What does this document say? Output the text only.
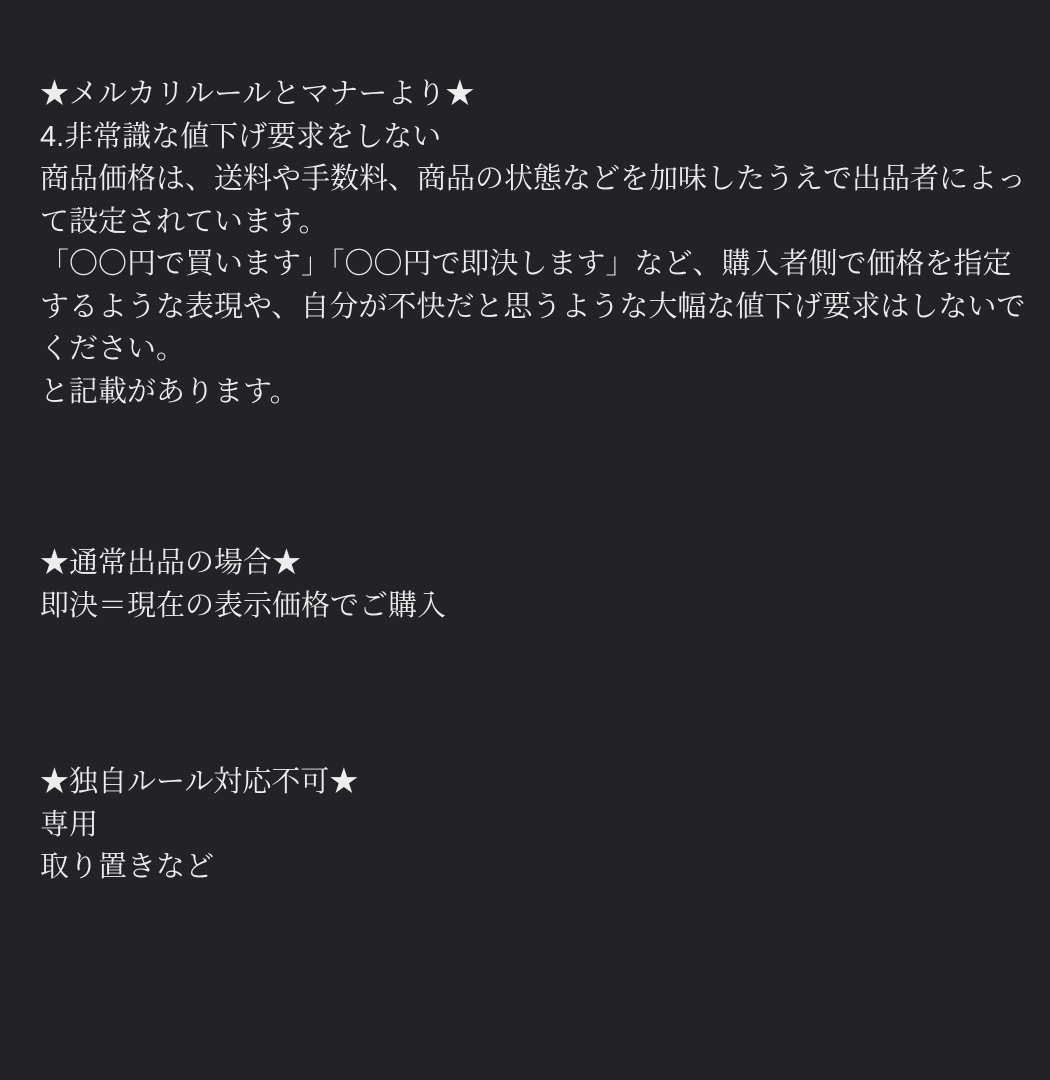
★メルカリルールとマナーより★
4.非常識な値下げ要求をしない
商品価格は、送料や手数料、商品の状態などを加味したうえで出品者によっ
て設定されています。
「〇〇円で買います」「〇〇円で即決します」など、購入者側で価格を指定
するような表現や、自分が不快だと思うような大幅な値下げ要求はしないで
ください。
と記載があります。
★通常出品の場合★
即決＝現在の表示価格でご購入
★独自ルール対応不可★
専用
取り置きなど
